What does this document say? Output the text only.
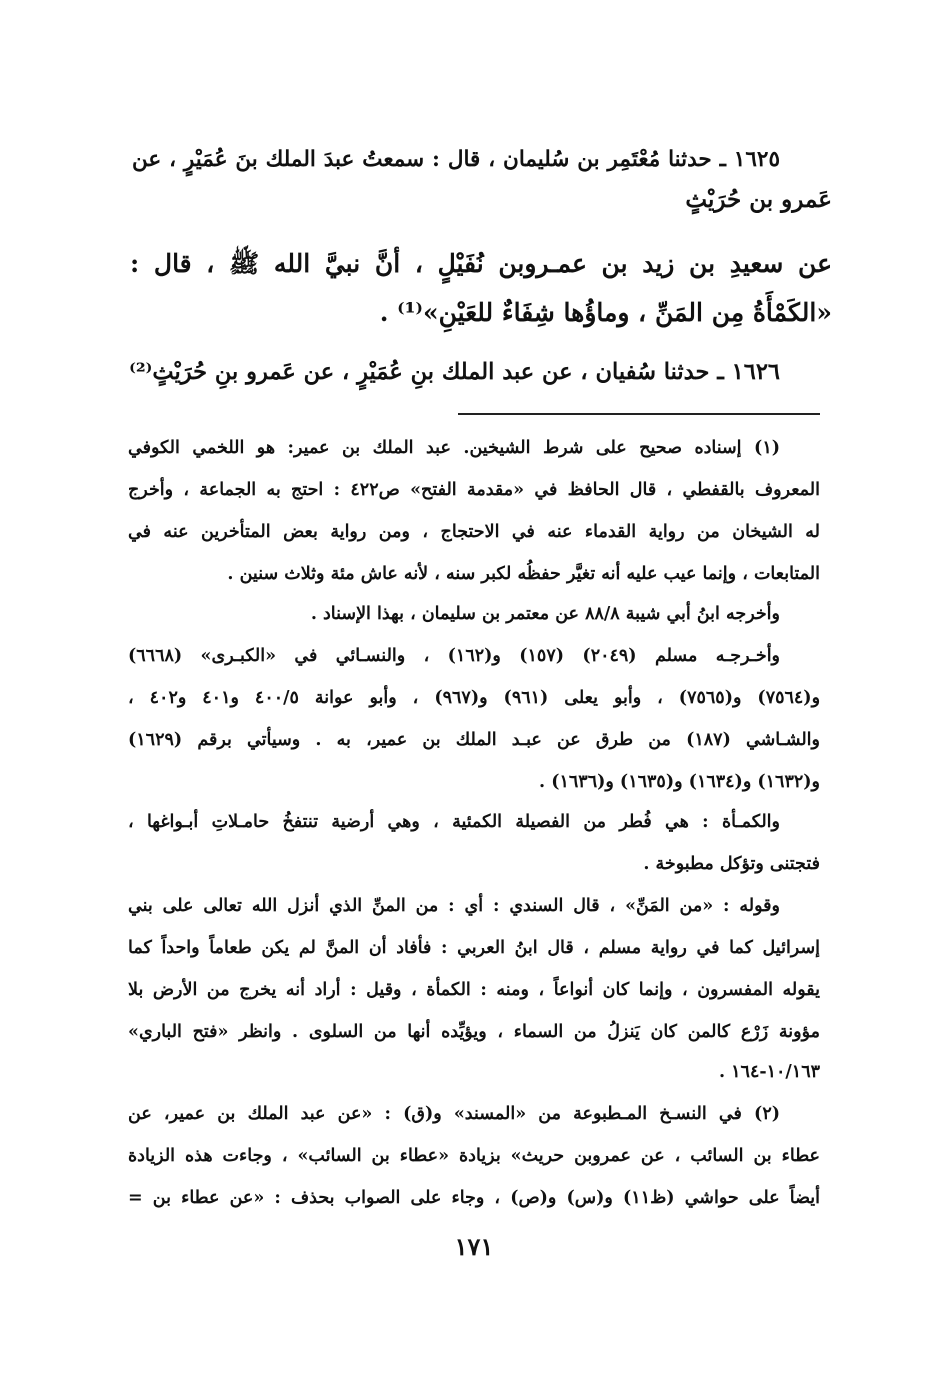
١٦٢٥ ـ حدثنا مُعْتَمِر بن سُليمان ، قال : سمعتُ عبدَ الملك بنَ عُمَيْرٍ ، عن
عَمرو بن حُرَيْثٍ
عن سعيدِ بن زيد بن عمـروبن نُفَيْلٍ ، أنَّ نبيَّ الله ﷺ ، قال :
«الكَمْأَةُ مِن المَنِّ ، وماؤُها شِفَاءٌ للعَيْنِ»⁽¹⁾ .
١٦٢٦ ـ حدثنا سُفيان ، عن عبد الملك بنِ عُمَيْرٍ ، عن عَمرو بنِ حُرَيْثٍ⁽²⁾
(١) إسناده صحيح على شرط الشيخين. عبد الملك بن عمير: هو اللخمي الكوفي
المعروف بالقفطي ، قال الحافظ في «مقدمة الفتح» ص٤٢٢ : احتج به الجماعة ، وأخرج
له الشيخان من رواية القدماء عنه في الاحتجاج ، ومن رواية بعض المتأخرين عنه في
المتابعات ، وإنما عيب عليه أنه تغيَّر حفظُه لكبر سنه ، لأنه عاش مئة وثلاث سنين .
وأخرجه ابنُ أبي شيبة ٨٨/٨ عن معتمر بن سليمان ، بهذا الإسناد .
وأخـرجـه مسلم (٢٠٤٩) (١٥٧) و(١٦٢) ، والنسـائي في «الكبـرى» (٦٦٦٨)
و(٧٥٦٤) و(٧٥٦٥) ، وأبو يعلى (٩٦١) و(٩٦٧) ، وأبو عوانة ٤٠٠/٥ و٤٠١ و٤٠٢ ،
والشـاشي (١٨٧) من طرق عن عبـد الملك بن عمير، به . وسيأتي برقم (١٦٢٩)
و(١٦٣٢) و(١٦٣٤) و(١٦٣٥) و(١٦٣٦) .
والكمـأة : هي فُطر من الفصيلة الكمئية ، وهي أرضية تنتفخُ حامـلاتِ أبـواغها ،
فتجتنى وتؤكل مطبوخة .
وقوله : «من المَنِّ» ، قال السندي : أي : من المنِّ الذي أنزل الله تعالى على بني
إسرائيل كما في رواية مسلم ، قال ابنُ العربي : فأفاد أن المنَّ لم يكن طعاماً واحداً كما
يقوله المفسرون ، وإنما كان أنواعاً ، ومنه : الكمأة ، وقيل : أراد أنه يخرج من الأرض بلا
مؤونة زَرْع كالمن كان يَنزلُ من السماء ، ويؤيِّده أنها من السلوى . وانظر «فتح الباري»
١٠/١٦٣-١٦٤ .
(٢) في النسـخ المـطبوعة من «المسند» و(ق) : «عن عبد الملك بن عمير، عن
عطاء بن السائب ، عن عمروبن حريث» بزيادة «عطاء بن السائب» ، وجاءت هذه الزيادة
أيضاً على حواشي (ظ١١) و(س) و(ص) ، وجاء على الصواب بحذف : «عن عطاء بن =
١٧١
